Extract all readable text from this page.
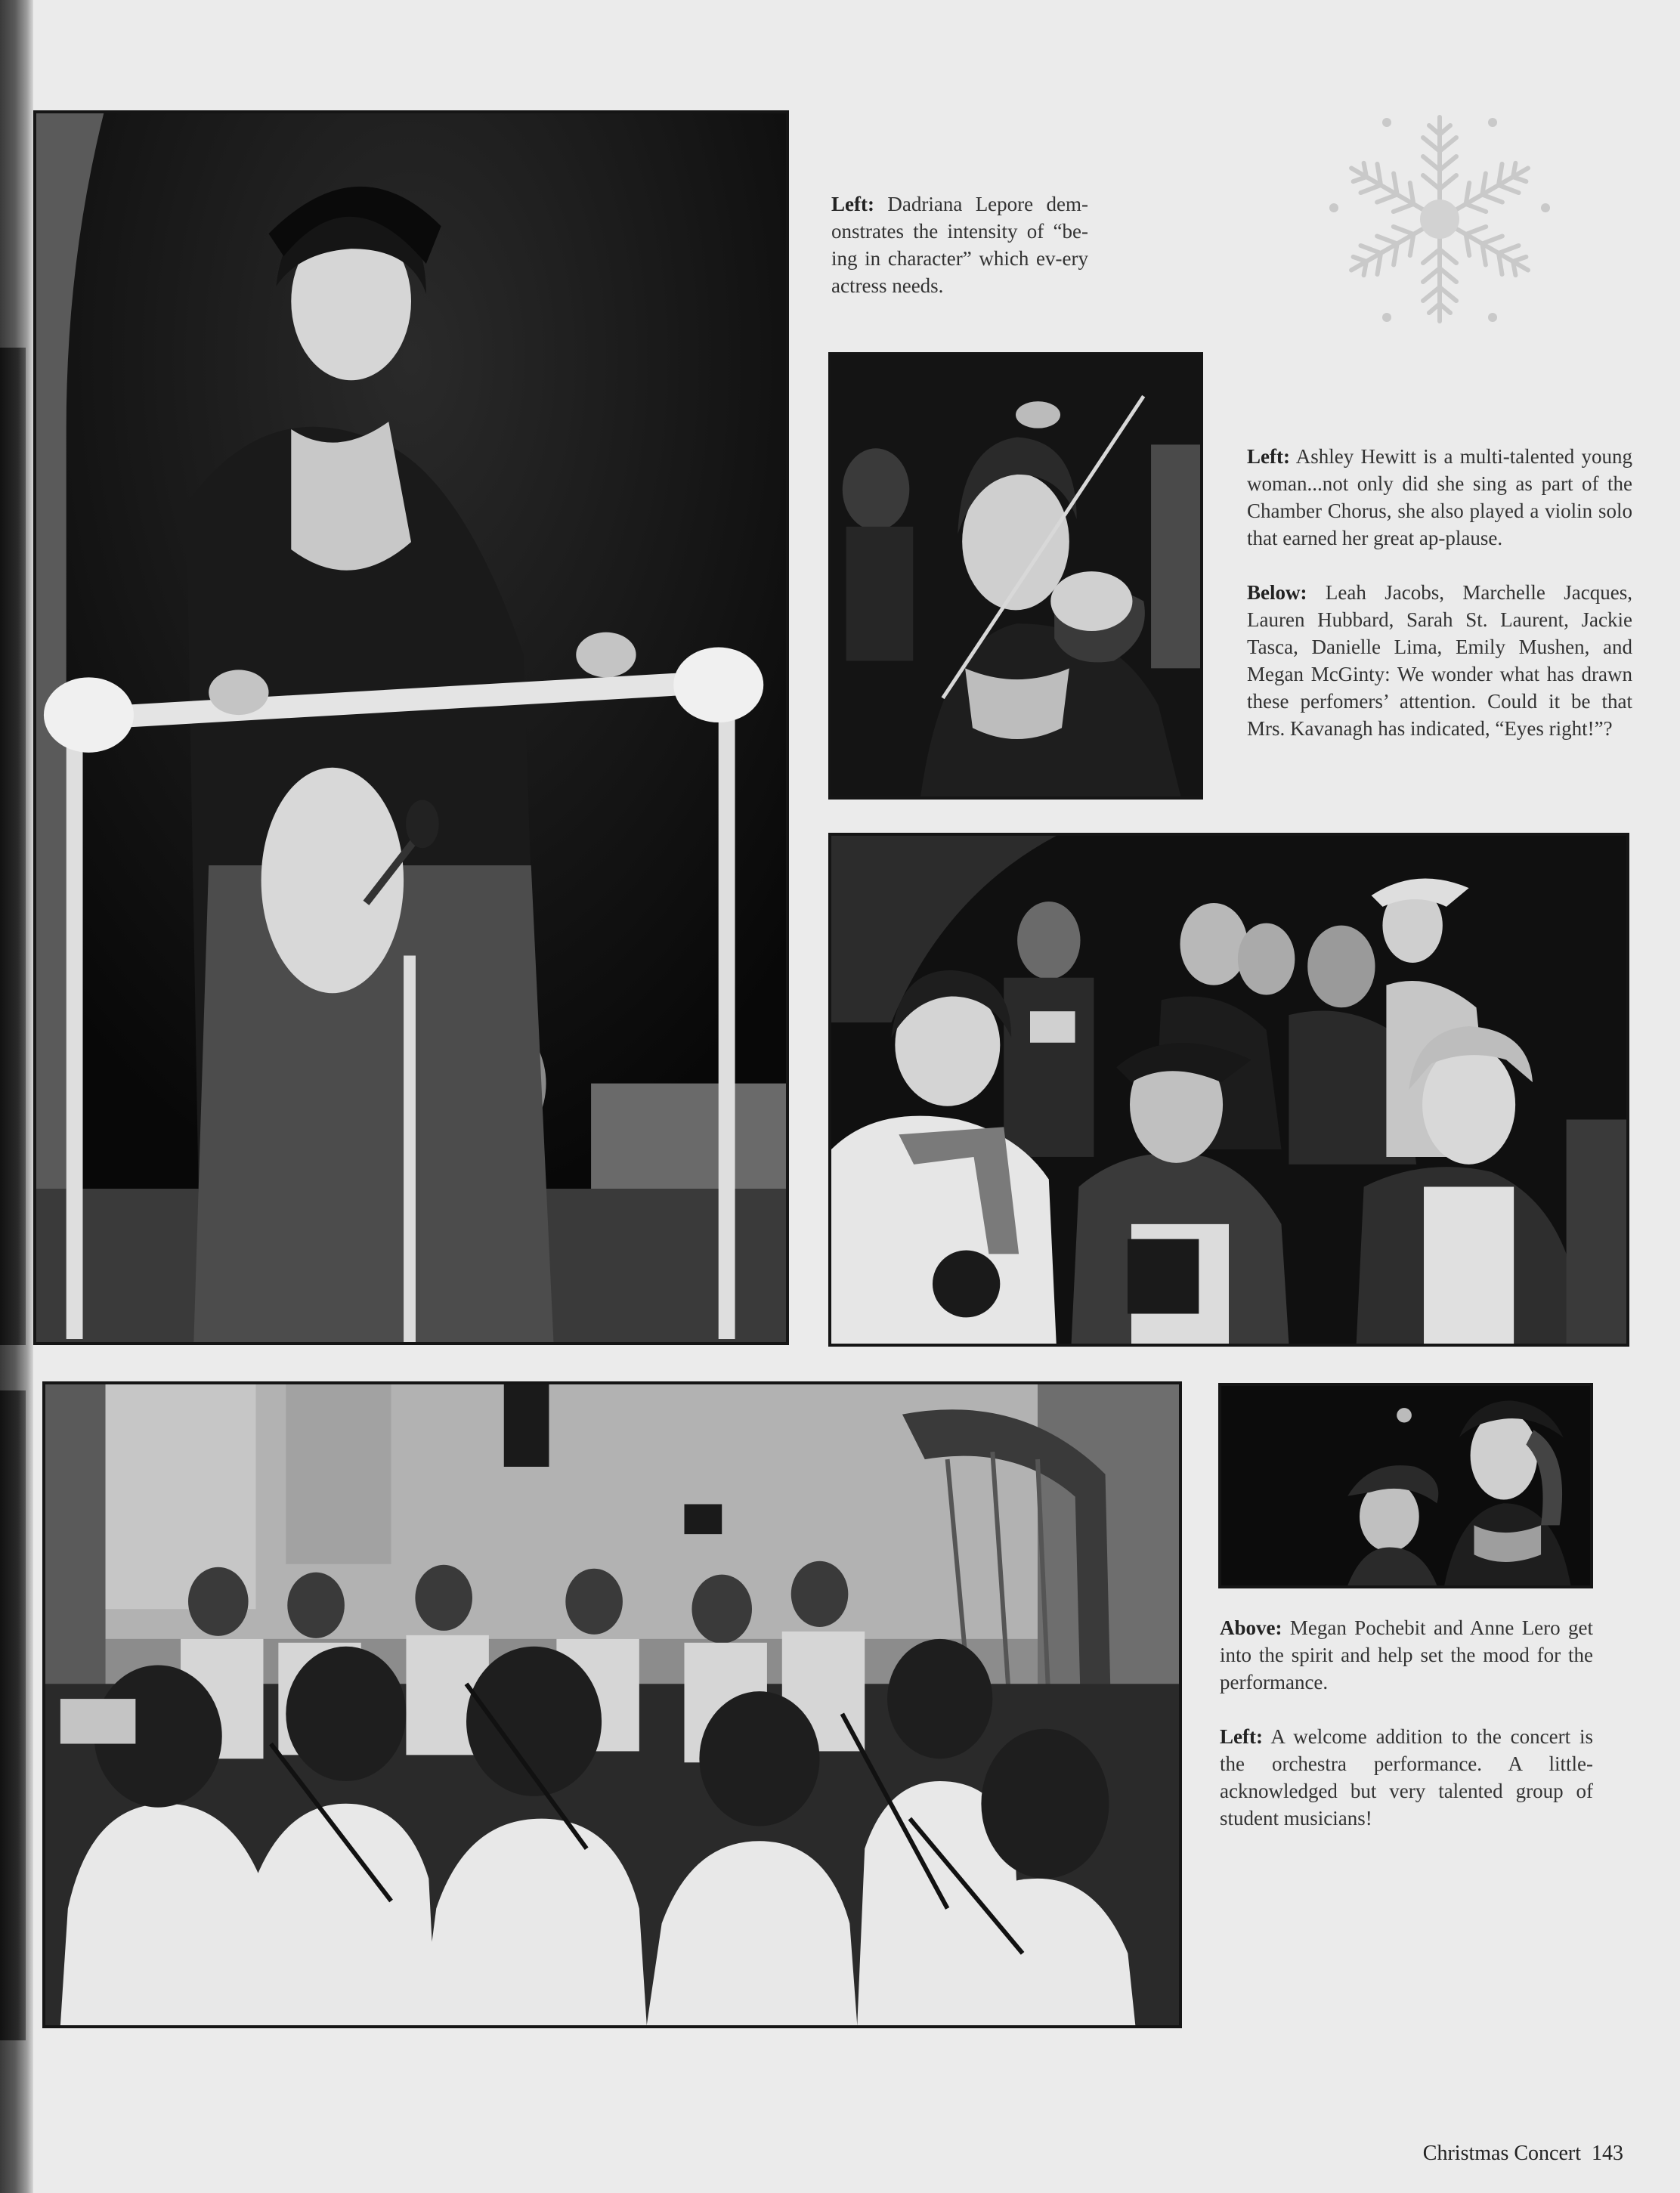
Left: Dadriana Lepore dem-onstrates the intensity of “be-ing in character” which ev-ery actress needs.

Left: Ashley Hewitt is a multi-talented young woman...not only did she sing as part of the Chamber Chorus, she also played a violin solo that earned her great ap-plause.

Below: Leah Jacobs, Marchelle Jacques, Lauren Hubbard, Sarah St. Laurent, Jackie Tasca, Danielle Lima, Emily Mushen, and Megan McGinty: We wonder what has drawn these perfomers’ attention. Could it be that Mrs. Kavanagh has indicated, “Eyes right!”?

Above: Megan Pochebit and Anne Lero get into the spirit and help set the mood for the performance.

Left: A welcome addition to the concert is the orchestra performance. A little-acknowledged but very talented group of student musicians!

Christmas Concert 143
